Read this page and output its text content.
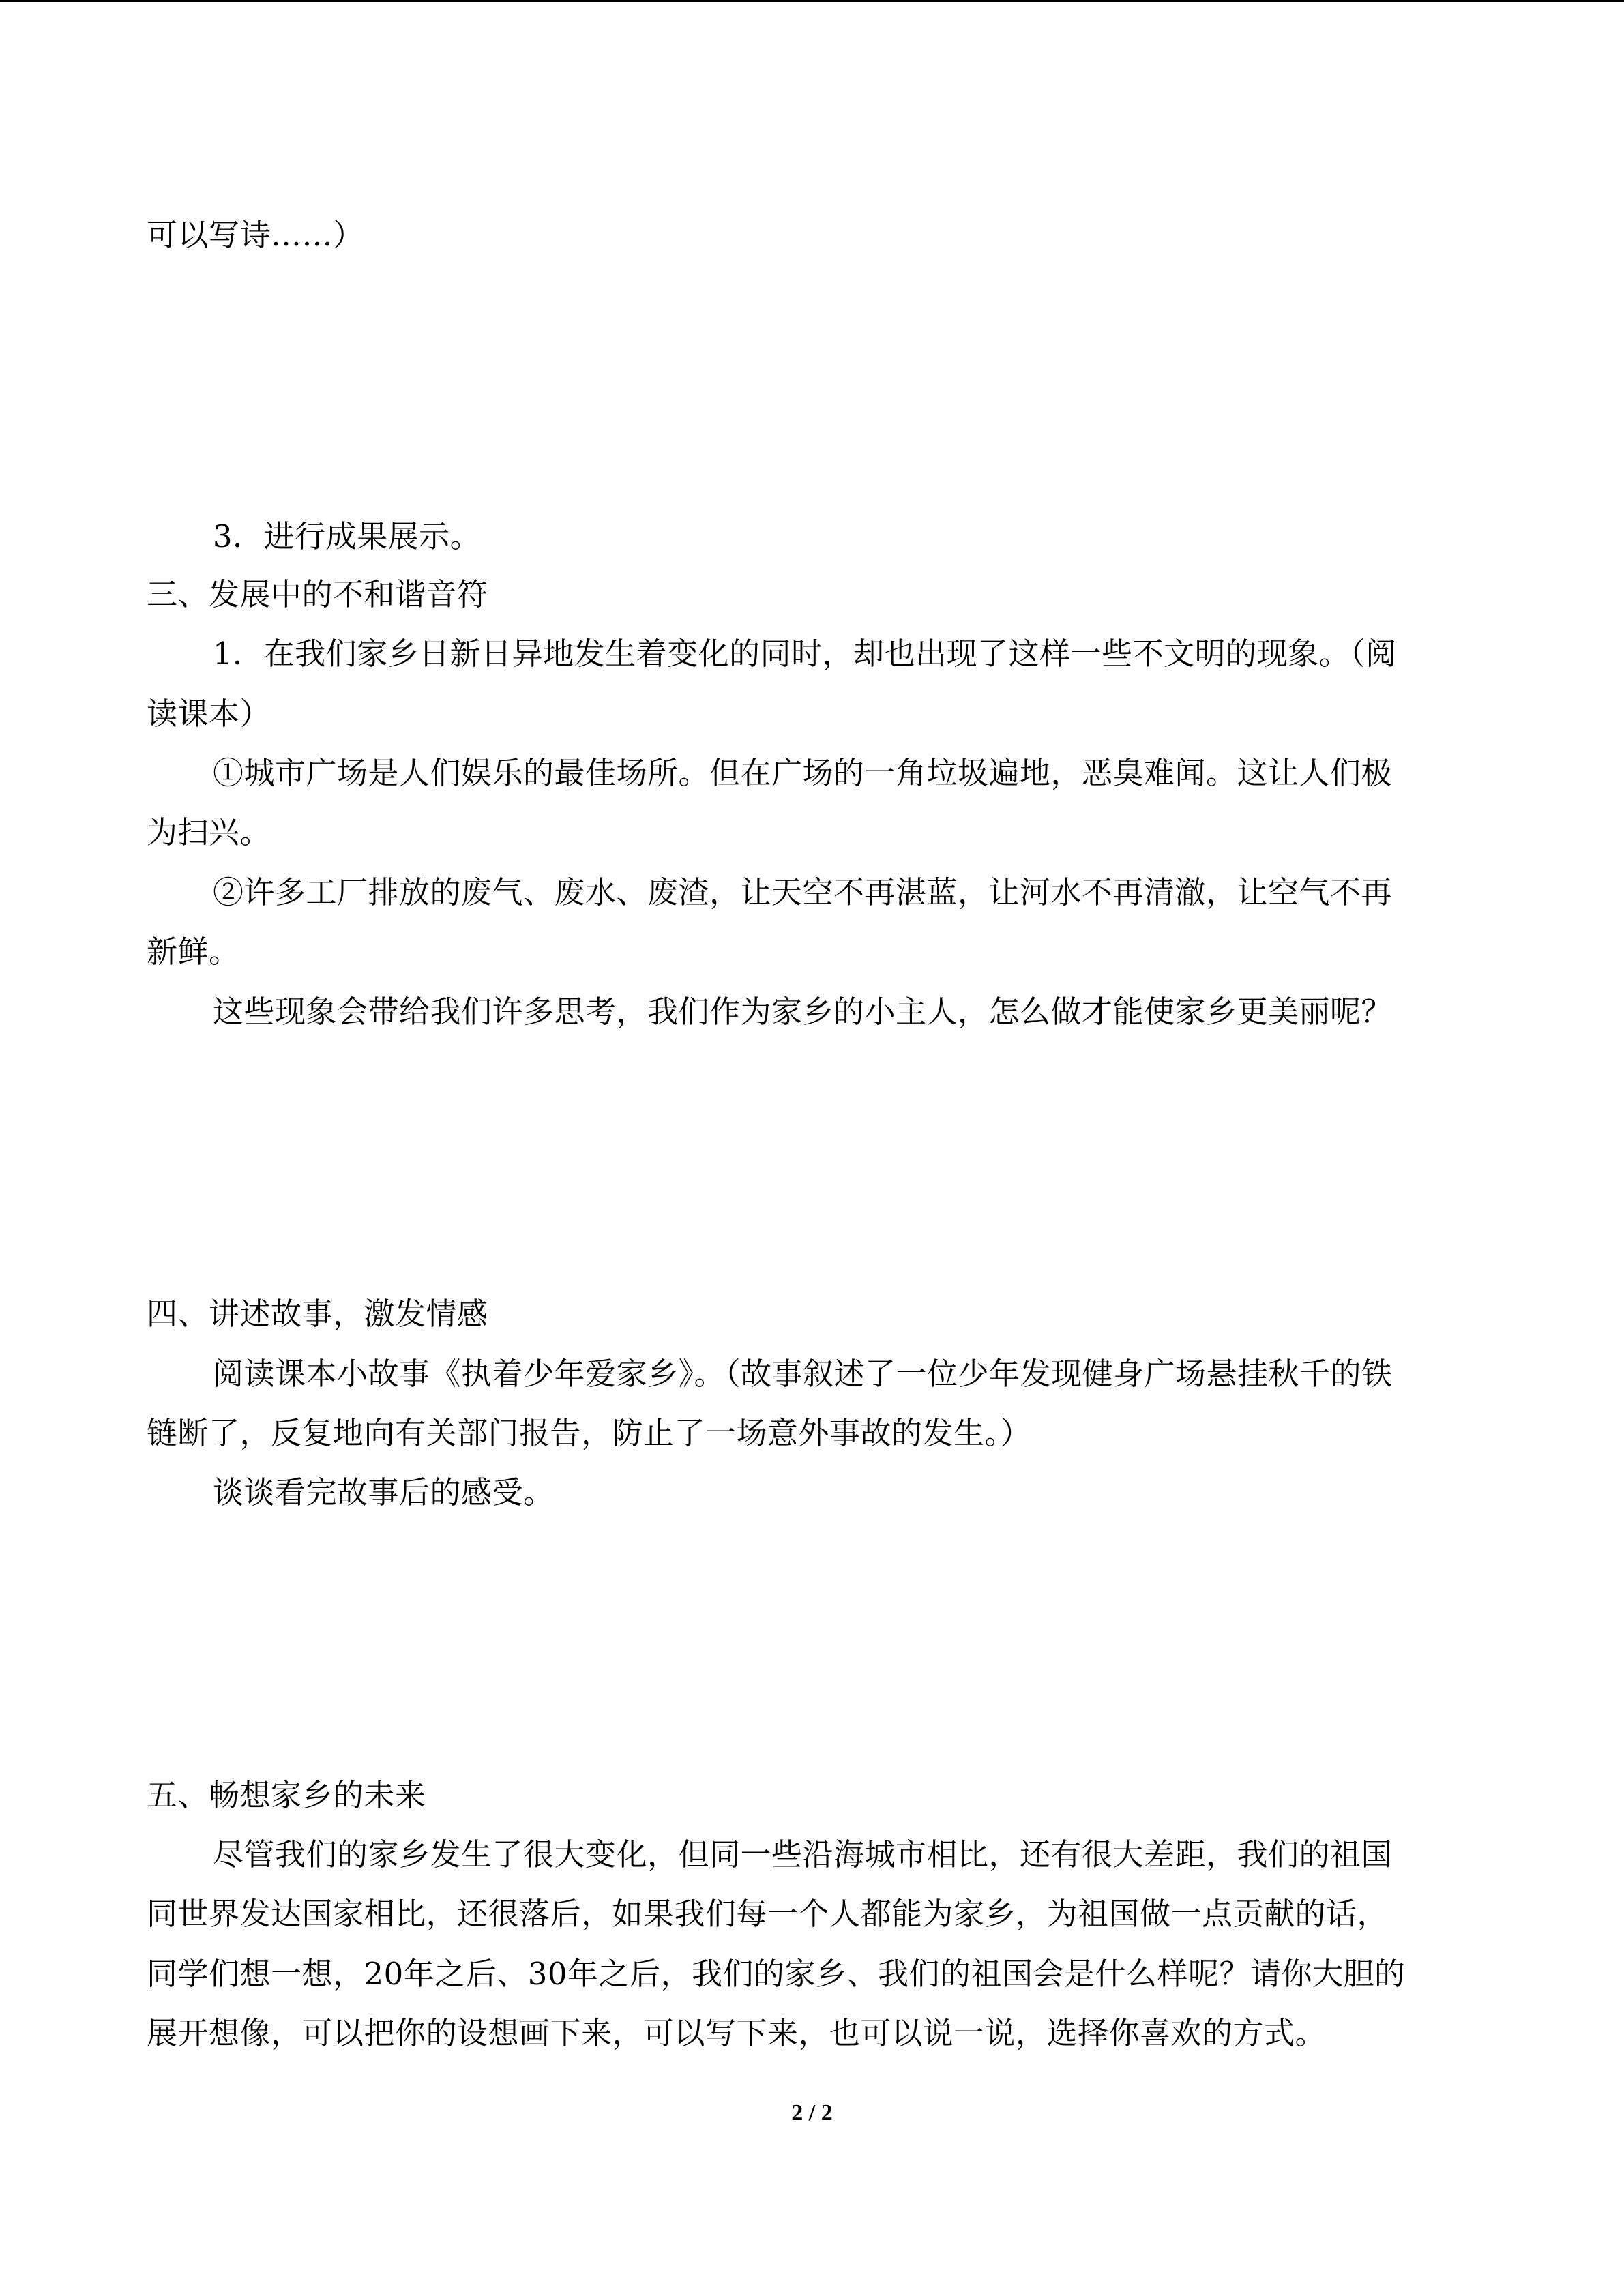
可以写诗……）
3．进行成果展示。
三、发展中的不和谐音符
1．在我们家乡日新日异地发生着变化的同时，却也出现了这样一些不文明的现象。（阅
读课本）
①城市广场是人们娱乐的最佳场所。但在广场的一角垃圾遍地，恶臭难闻。这让人们极
为扫兴。
②许多工厂排放的废气、废水、废渣，让天空不再湛蓝，让河水不再清澈，让空气不再
新鲜。
这些现象会带给我们许多思考，我们作为家乡的小主人，怎么做才能使家乡更美丽呢？
四、讲述故事，激发情感
阅读课本小故事《执着少年爱家乡》。（故事叙述了一位少年发现健身广场悬挂秋千的铁
链断了，反复地向有关部门报告，防止了一场意外事故的发生。）
谈谈看完故事后的感受。
五、畅想家乡的未来
尽管我们的家乡发生了很大变化，但同一些沿海城市相比，还有很大差距，我们的祖国
同世界发达国家相比，还很落后，如果我们每一个人都能为家乡，为祖国做一点贡献的话，
同学们想一想，20年之后、30年之后，我们的家乡、我们的祖国会是什么样呢？请你大胆的
展开想像，可以把你的设想画下来，可以写下来，也可以说一说，选择你喜欢的方式。
2 / 2
